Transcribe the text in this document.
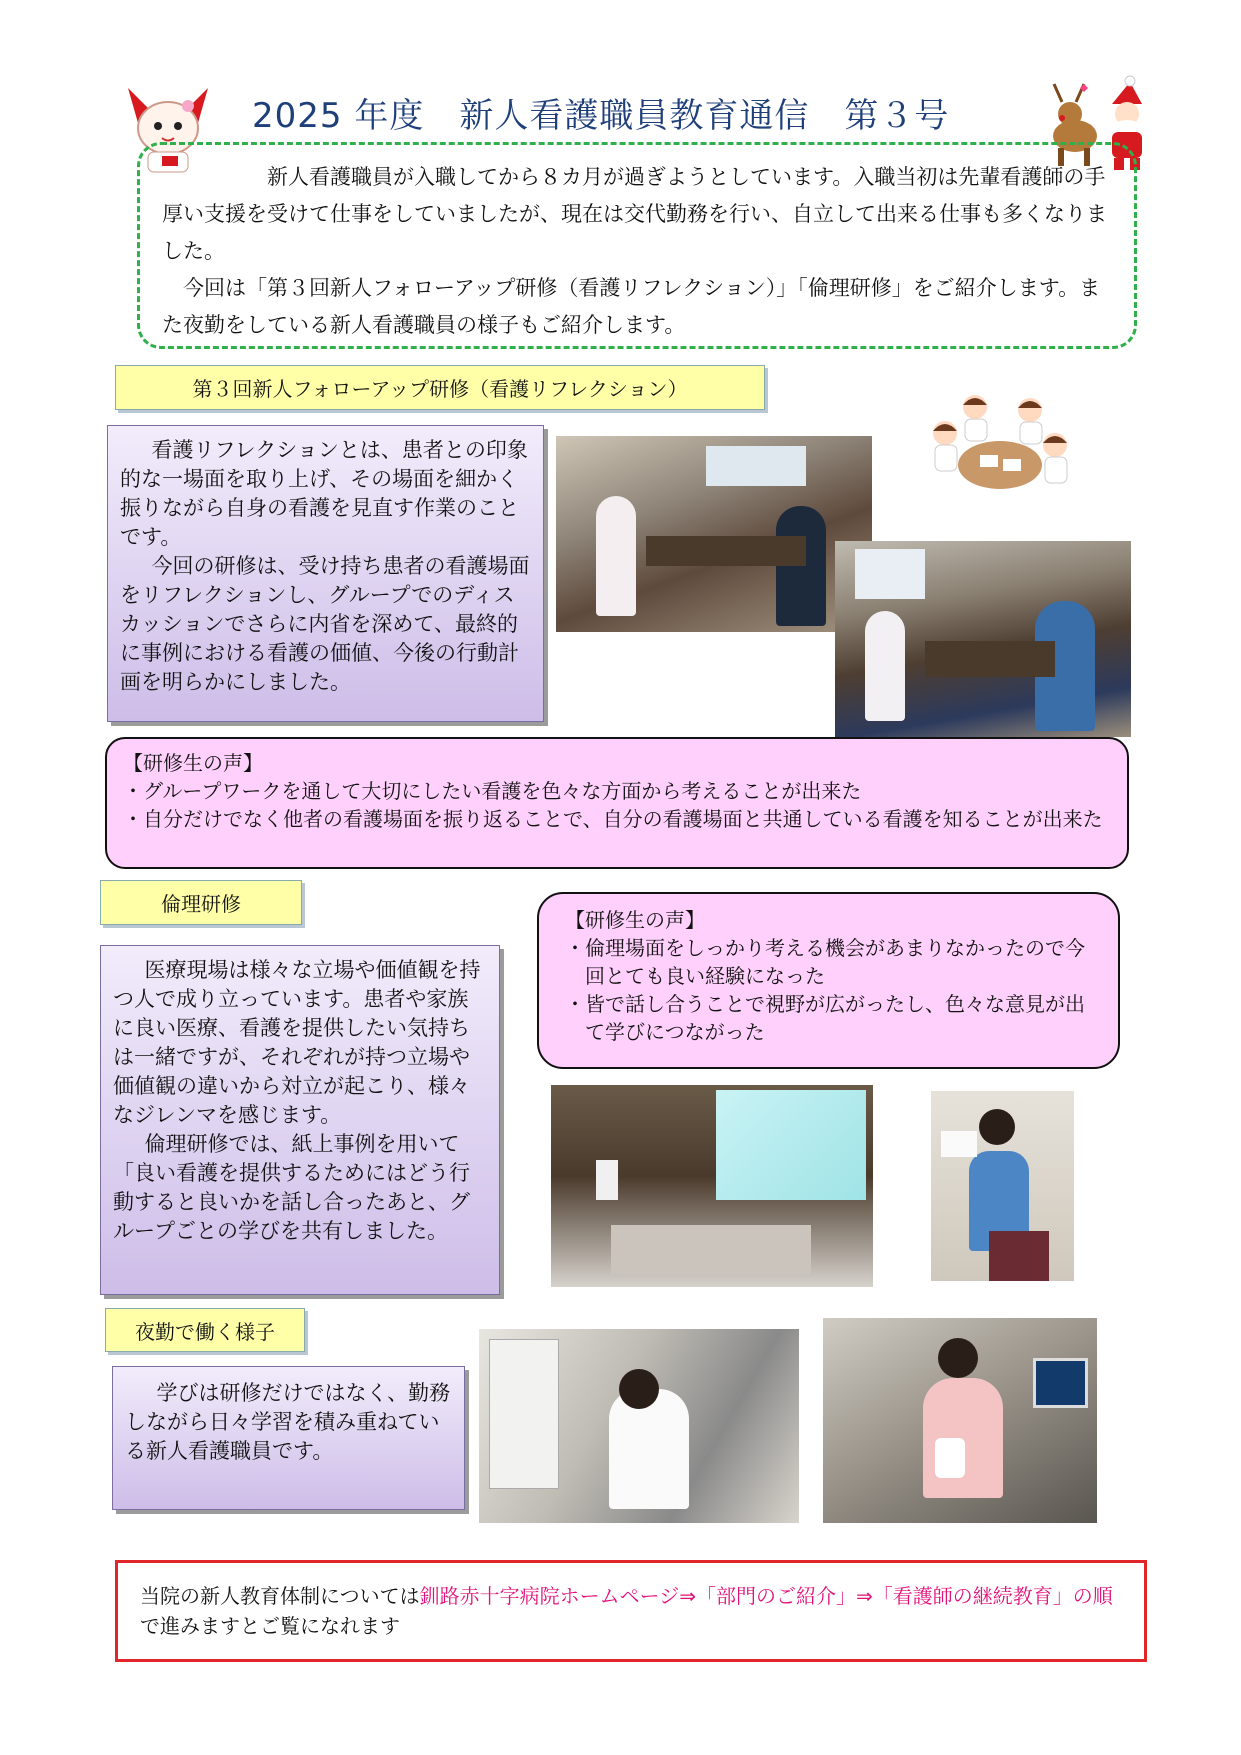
2025 年度　新人看護職員教育通信　第３号

　　　　　新人看護職員が入職してから８カ月が過ぎようとしています。入職当初は先輩看護師の手厚い支援を受けて仕事をしていましたが、現在は交代勤務を行い、自立して出来る仕事も多くなりました。

　今回は「第３回新人フォローアップ研修（看護リフレクション）」「倫理研修」をご紹介します。また夜勤をしている新人看護職員の様子もご紹介します。

第３回新人フォローアップ研修（看護リフレクション）

看護リフレクションとは、患者との印象的な一場面を取り上げ、その場面を細かく振りながら自身の看護を見直す作業のことです。

今回の研修は、受け持ち患者の看護場面をリフレクションし、グループでのディスカッションでさらに内省を深めて、最終的に事例における看護の価値、今後の行動計画を明らかにしました。

【研修生の声】

・グループワークを通して大切にしたい看護を色々な方面から考えることが出来た

・自分だけでなく他者の看護場面を振り返ることで、自分の看護場面と共通している看護を知ることが出来た

倫理研修

【研修生の声】

・倫理場面をしっかり考える機会があまりなかったので今回とても良い経験になった

・皆で話し合うことで視野が広がったし、色々な意見が出て学びにつながった

医療現場は様々な立場や価値観を持つ人で成り立っています。患者や家族に良い医療、看護を提供したい気持ちは一緒ですが、それぞれが持つ立場や価値観の違いから対立が起こり、様々なジレンマを感じます。

倫理研修では、紙上事例を用いて「良い看護を提供するためにはどう行動すると良いかを話し合ったあと、グループごとの学びを共有しました。

夜勤で働く様子

学びは研修だけではなく、勤務しながら日々学習を積み重ねている新人看護職員です。

当院の新人教育体制については釧路赤十字病院ホームページ⇒「部門のご紹介」⇒「看護師の継続教育」の順で進みますとご覧になれます
